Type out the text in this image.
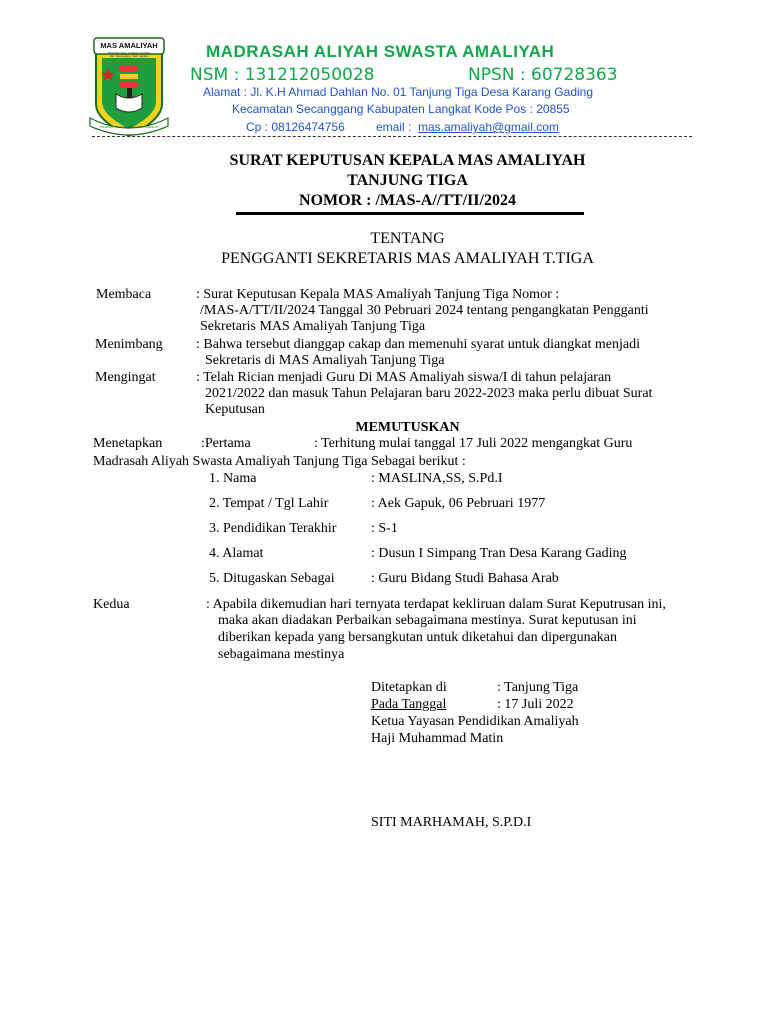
MAS AMALIYAH
TANJUNG TIGA · KARANG GADING
Kec. Secanggang · Kab. Langkat
TANJUNG TIGA SECANGGANG LANGKAT
MADRASAH ALIYAH SWASTA AMALIYAH
NSM : 131212050028	NPSN : 60728363
Alamat : Jl. K.H Ahmad Dahlan No. 01 Tanjung Tiga Desa Karang Gading
Kecamatan Secanggang Kabupaten Langkat Kode Pos : 20855
Cp : 08126474756	email : mas.amaliyah@gmail.com
SURAT KEPUTUSAN KEPALA MAS AMALIYAH
TANJUNG TIGA
NOMOR : /MAS-A//TT/II/2024
TENTANG
PENGGANTI SEKRETARIS MAS AMALIYAH T.TIGA
Membaca	: Surat Keputusan Kepala MAS Amaliyah Tanjung Tiga Nomor :
/MAS-A/TT/II/2024 Tanggal 30 Pebruari 2024 tentang pengangkatan Pengganti
Sekretaris MAS Amaliyah Tanjung Tiga
Menimbang : Bahwa tersebut dianggap cakap dan memenuhi syarat untuk diangkat menjadi
Sekretaris di MAS Amaliyah Tanjung Tiga
Mengingat	: Telah Rician menjadi Guru Di MAS Amaliyah siswa/I di tahun pelajaran
2021/2022 dan masuk Tahun Pelajaran baru 2022-2023 maka perlu dibuat Surat
Keputusan
MEMUTUSKAN
Menetapkan	:Pertama	: Terhitung mulai tanggal 17 Juli 2022 mengangkat Guru
Madrasah Aliyah Swasta Amaliyah Tanjung Tiga Sebagai berikut :
1. Nama	: MASLINA,SS, S.Pd.I
2. Tempat / Tgl Lahir	: Aek Gapuk, 06 Pebruari 1977
3. Pendidikan Terakhir : S-1
4. Alamat	: Dusun I Simpang Tran Desa Karang Gading
5. Ditugaskan Sebagai	: Guru Bidang Studi Bahasa Arab
Kedua	: Apabila dikemudian hari ternyata terdapat kekliruan dalam Surat Keputrusan ini,
maka akan diadakan Perbaikan sebagaimana mestinya. Surat keputusan ini
diberikan kepada yang bersangkutan untuk diketahui dan dipergunakan
sebagaimana mestinya
Ditetapkan di	: Tanjung Tiga
Pada Tanggal	: 17 Juli 2022
Ketua Yayasan Pendidikan Amaliyah
Haji Muhammad Matin
SITI MARHAMAH, S.P.D.I
